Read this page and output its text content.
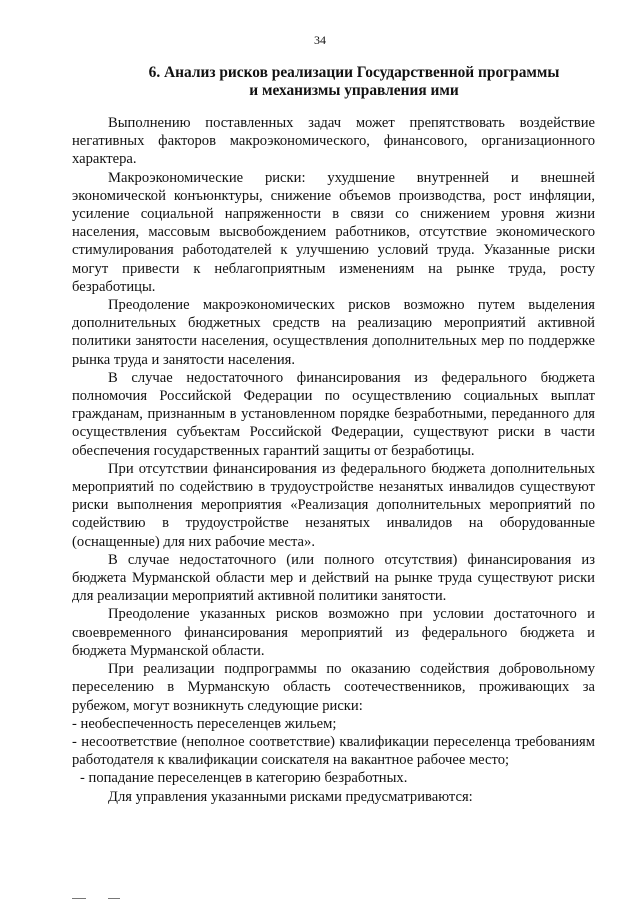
34
6. Анализ рисков реализации Государственной программы
и механизмы управления ими

Выполнению поставленных задач может препятствовать воздействие негативных факторов макроэкономического, финансового, организационного характера.

Макроэкономические риски: ухудшение внутренней и внешней экономической конъюнктуры, снижение объемов производства, рост инфляции, усиление социальной напряженности в связи со снижением уровня жизни населения, массовым высвобождением работников, отсутствие экономического стимулирования работодателей к улучшению условий труда. Указанные риски могут привести к неблагоприятным изменениям на рынке труда, росту безработицы.

Преодоление макроэкономических рисков возможно путем выделения дополнительных бюджетных средств на реализацию мероприятий активной политики занятости населения, осуществления дополнительных мер по поддержке рынка труда и занятости населения.

В случае недостаточного финансирования из федерального бюджета полномочия Российской Федерации по осуществлению социальных выплат гражданам, признанным в установленном порядке безработными, переданного для осуществления субъектам Российской Федерации, существуют риски в части обеспечения государственных гарантий защиты от безработицы.

При отсутствии финансирования из федерального бюджета дополнительных мероприятий по содействию в трудоустройстве незанятых инвалидов существуют риски выполнения мероприятия «Реализация дополнительных мероприятий по содействию в трудоустройстве незанятых инвалидов на оборудованные (оснащенные) для них рабочие места».

В случае недостаточного (или полного отсутствия) финансирования из бюджета Мурманской области мер и действий на рынке труда существуют риски для реализации мероприятий активной политики занятости.

Преодоление указанных рисков возможно при условии достаточного и своевременного финансирования мероприятий из федерального бюджета и бюджета Мурманской области.

При реализации подпрограммы по оказанию содействия добровольному переселению в Мурманскую область соотечественников, проживающих за рубежом, могут возникнуть следующие риски:

- необеспеченность переселенцев жильем;

- несоответствие (неполное соответствие) квалификации переселенца требованиям работодателя к квалификации соискателя на вакантное рабочее место;

- попадание переселенцев в категорию безработных.

Для управления указанными рисками предусматриваются:
